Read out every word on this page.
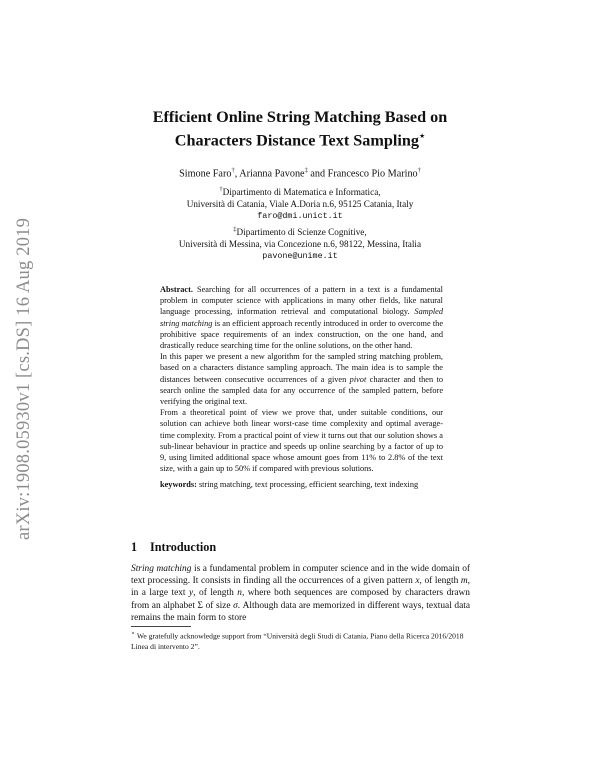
arXiv:1908.05930v1 [cs.DS] 16 Aug 2019
Efficient Online String Matching Based on
Characters Distance Text Sampling⋆
Simone Faro†, Arianna Pavone‡ and Francesco Pio Marino†
†Dipartimento di Matematica e Informatica,
Università di Catania, Viale A.Doria n.6, 95125 Catania, Italy
faro@dmi.unict.it
‡Dipartimento di Scienze Cognitive,
Università di Messina, via Concezione n.6, 98122, Messina, Italia
pavone@unime.it

Abstract. Searching for all occurrences of a pattern in a text is a fundamental problem in computer science with applications in many other fields, like natural language processing, information retrieval and computational biology. Sampled string matching is an efficient approach recently introduced in order to overcome the prohibitive space requirements of an index construction, on the one hand, and drastically reduce searching time for the online solutions, on the other hand.

In this paper we present a new algorithm for the sampled string matching problem, based on a characters distance sampling approach. The main idea is to sample the distances between consecutive occurrences of a given pivot character and then to search online the sampled data for any occurrence of the sampled pattern, before verifying the original text.

From a theoretical point of view we prove that, under suitable conditions, our solution can achieve both linear worst-case time complexity and optimal average-time complexity. From a practical point of view it turns out that our solution shows a sub-linear behaviour in practice and speeds up online searching by a factor of up to 9, using limited additional space whose amount goes from 11% to 2.8% of the text size, with a gain up to 50% if compared with previous solutions.

keywords: string matching, text processing, efficient searching, text indexing

1 Introduction

String matching is a fundamental problem in computer science and in the wide domain of text processing. It consists in finding all the occurrences of a given pattern x, of length m, in a large text y, of length n, where both sequences are composed by characters drawn from an alphabet Σ of size σ. Although data are memorized in different ways, textual data remains the main form to store

⋆ We gratefully acknowledge support from “Università degli Studi di Catania, Piano della Ricerca 2016/2018 Linea di intervento 2”.
